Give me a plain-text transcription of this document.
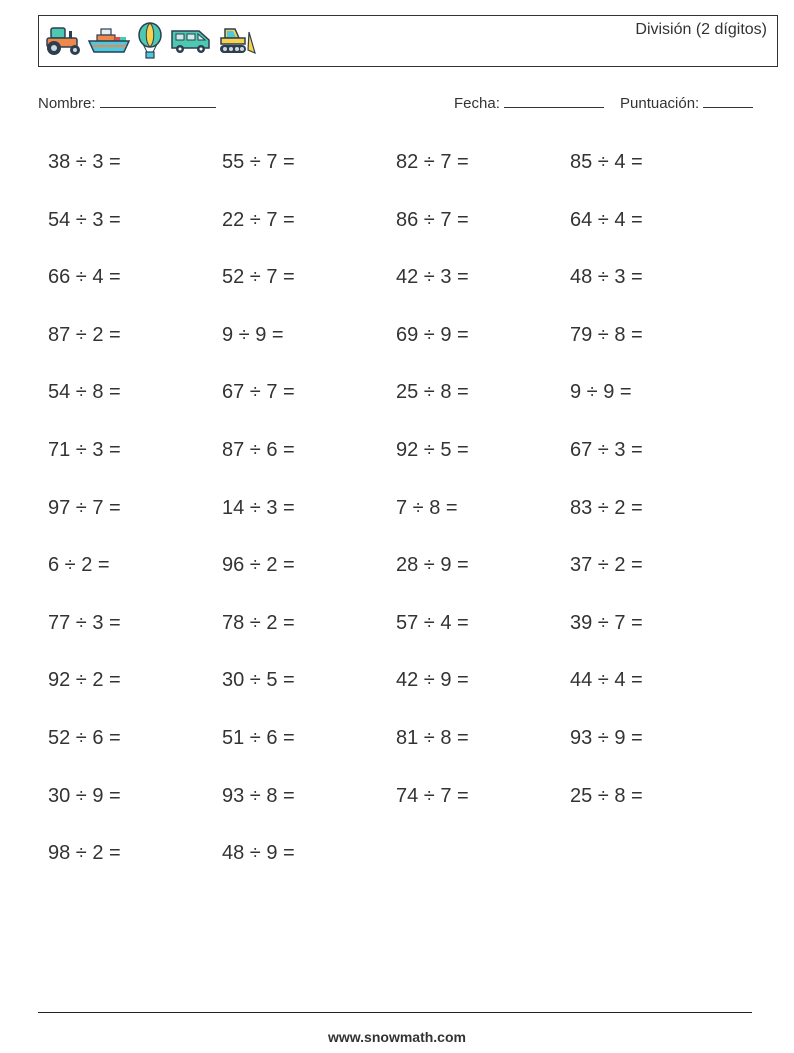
División (2 dígitos)
Nombre:	Fecha:	Puntuación:
38 ÷ 3 =	55 ÷ 7 =	82 ÷ 7 =	85 ÷ 4 =
54 ÷ 3 =	22 ÷ 7 =	86 ÷ 7 =	64 ÷ 4 =
66 ÷ 4 =	52 ÷ 7 =	42 ÷ 3 =	48 ÷ 3 =
87 ÷ 2 =	9 ÷ 9 =	69 ÷ 9 =	79 ÷ 8 =
54 ÷ 8 =	67 ÷ 7 =	25 ÷ 8 =	9 ÷ 9 =
71 ÷ 3 =	87 ÷ 6 =	92 ÷ 5 =	67 ÷ 3 =
97 ÷ 7 =	14 ÷ 3 =	7 ÷ 8 =	83 ÷ 2 =
6 ÷ 2 =	96 ÷ 2 =	28 ÷ 9 =	37 ÷ 2 =
77 ÷ 3 =	78 ÷ 2 =	57 ÷ 4 =	39 ÷ 7 =
92 ÷ 2 =	30 ÷ 5 =	42 ÷ 9 =	44 ÷ 4 =
52 ÷ 6 =	51 ÷ 6 =	81 ÷ 8 =	93 ÷ 9 =
30 ÷ 9 =	93 ÷ 8 =	74 ÷ 7 =	25 ÷ 8 =
98 ÷ 2 =	48 ÷ 9 =
www.snowmath.com
